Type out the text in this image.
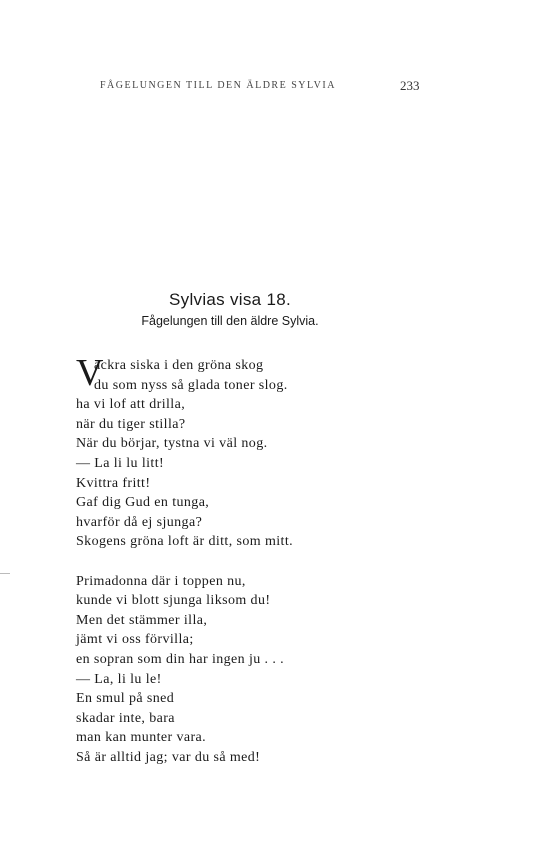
FÅGELUNGEN TILL DEN ÄLDRE SYLVIA	233
Sylvias visa 18.
Fågelungen till den äldre Sylvia.
V
ackra siska i den gröna skog
du som nyss så glada toner slog.
ha vi lof att drilla,
när du tiger stilla?
När du börjar, tystna vi väl nog.
— La li lu litt!
Kvittra fritt!
Gaf dig Gud en tunga,
hvarför då ej sjunga?
Skogens gröna loft är ditt, som mitt.
Primadonna där i toppen nu,
kunde vi blott sjunga liksom du!
Men det stämmer illa,
jämt vi oss förvilla;
en sopran som din har ingen ju . . .
— La, li lu le!
En smul på sned
skadar inte, bara
man kan munter vara.
Så är alltid jag; var du så med!
